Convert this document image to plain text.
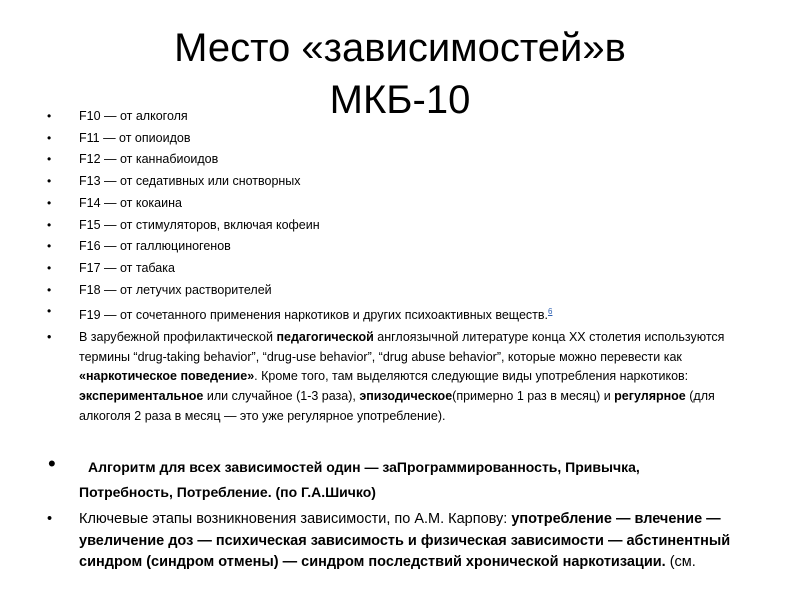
Место «зависимостей»в
МКБ-10
• F10 — от алкоголя
• F11 — от опиоидов
• F12 — от каннабиоидов
• F13 — от седативных или снотворных
• F14 — от кокаина
• F15 — от стимуляторов, включая кофеин
• F16 — от галлюциногенов
• F17 — от табака
• F18 — от летучих растворителей
• F19 — от сочетанного применения наркотиков и других психоактивных веществ.$^6$
• В зарубежной профилактической педагогической англоязычной литературе конца XX столетия используются термины “drug-taking behavior”, “drug-use behavior”, “drug abuse behavior”, которые можно перевести как «наркотическое поведение». Кроме того, там выделяются следующие виды употребления наркотиков: экспериментальное или случайное (1-3 раза), эпизодическое(примерно 1 раз в месяц) и регулярное (для алкоголя 2 раза в месяц — это уже регулярное употребление).
•	Алгоритм для всех зависимостей один — заПрограммированность, Привычка,
Потребность, Потребление. (по Г.А.Шичко)
• Ключевые этапы возникновения зависимости, по А.М. Карпову: употребление — влечение — увеличение доз — психическая зависимость и физическая зависимости — абстинентный синдром (синдром отмены) — синдром последствий хронической наркотизации. (см.
